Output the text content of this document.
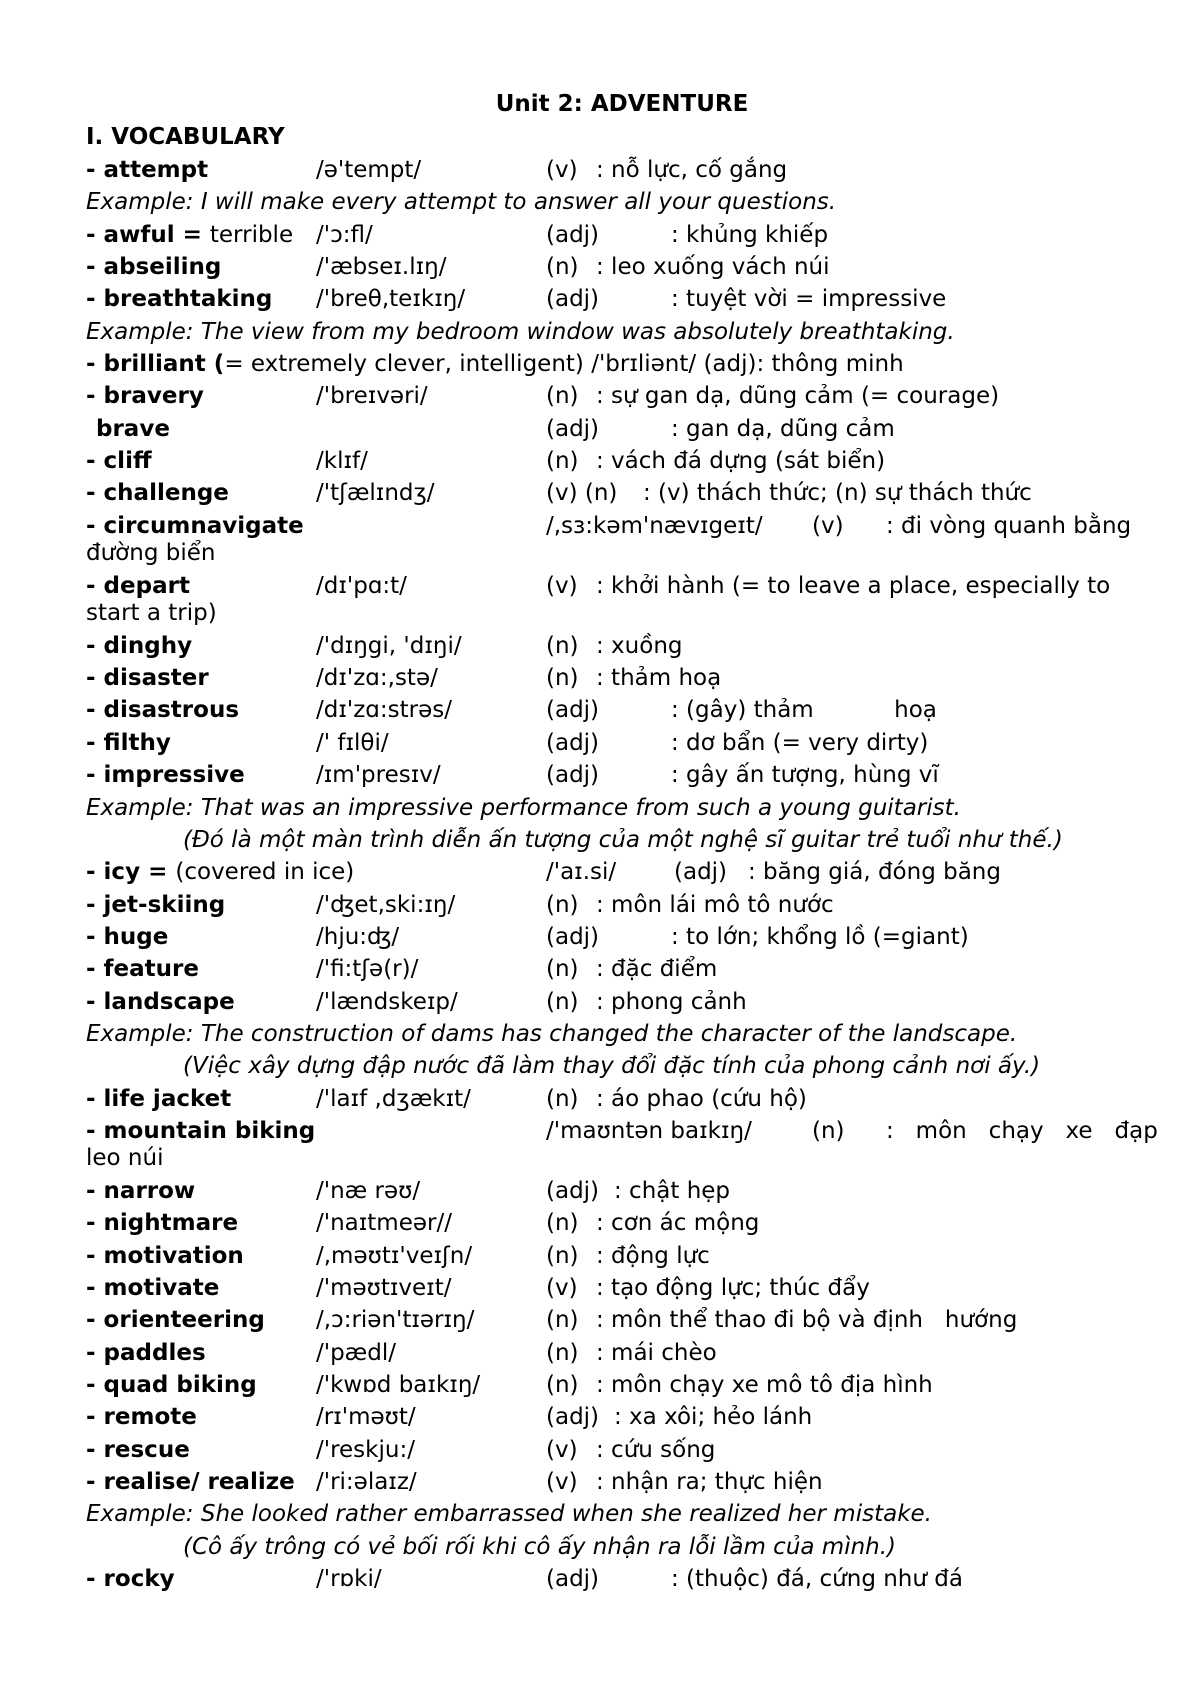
Unit 2: ADVENTURE
I. VOCABULARY
- attempt	/ə'tempt/	(v) : nỗ lực, cố gắng
Example: I will make every attempt to answer all your questions.
- awful = terrible /'ɔ:fl/	(adj)	: khủng khiếp
- abseiling	/'æbseɪ.lɪŋ/	(n) : leo xuống vách núi
- breathtaking /'breθ,teɪkɪŋ/	(adj)	: tuyệt vời = impressive
Example: The view from my bedroom window was absolutely breathtaking.
- brilliant (= extremely clever, intelligent) /'brɪliənt/ (adj): thông minh
- bravery	/'breɪvəri/	(n) : sự gan dạ, dũng cảm (= courage)
brave	(adj)	: gan dạ, dũng cảm
- cliff	/klɪf/	(n) : vách đá dựng (sát biển)
- challenge	/'tʃælɪndʒ/	(v) (n) : (v) thách thức; (n) sự thách thức
- circumnavigate	/,sɜ:kəm'nævɪgeɪt/ (v) : đi vòng quanh bằng
đường biển
- depart	/dɪ'pɑ:t/	(v) : khởi hành (= to leave a place, especially to
start a trip)
- dinghy	/'dɪŋgi, 'dɪŋi/	(n) : xuồng
- disaster	/dɪ'zɑ:,stə/	(n) : thảm hoạ
- disastrous	/dɪ'zɑ:strəs/	(adj)	: (gây) thảm           hoạ
- filthy	/' fɪlθi/	(adj)	: dơ bẩn (= very dirty)
- impressive	/ɪm'presɪv/	(adj)	: gây ấn tượng, hùng vĩ
Example: That was an impressive performance from such a young guitarist.
(Đó là một màn trình diễn ấn tượng của một nghệ sĩ guitar trẻ tuổi như thế.)
- icy = (covered in ice)	/'aɪ.si/	(adj) : băng giá, đóng băng
- jet-skiing	/'ʤet,ski:ɪŋ/	(n) : môn lái mô tô nước
- huge	/hju:ʤ/	(adj)	: to lớn; khổng lồ (=giant)
- feature	/'fi:tʃə(r)/	(n) : đặc điểm
- landscape	/'lændskeɪp/	(n) : phong cảnh
Example: The construction of dams has changed the character of the landscape.
(Việc xây dựng đập nước đã làm thay đổi đặc tính của phong cảnh nơi ấy.)
- life jacket	/'laɪf ,dʒækɪt/	(n) : áo phao (cứu hộ)
- mountain biking	/'maʊntən baɪkɪŋ/	(n) :   môn   chạy   xe   đạp
leo núi
- narrow	/'næ rəʊ/	(adj) : chật hẹp
- nightmare	/'naɪtmeər//	(n) : cơn ác mộng
- motivation	/,məʊtɪ'veɪʃn/	(n) : động lực
- motivate	/'məʊtɪveɪt/	(v) : tạo động lực; thúc đẩy
- orienteering /,ɔ:riən'tɪərɪŋ/	(n) : môn thể thao đi bộ và định   hướng
- paddles	/'pædl/	(n) : mái chèo
- quad biking	/'kwɒd baɪkɪŋ/	(n) : môn chạy xe mô tô địa hình
- remote	/rɪ'məʊt/	(adj) : xa xôi; hẻo lánh
- rescue	/'reskju:/	(v) : cứu sống
- realise/ realize /'ri:əlaɪz/	(v) : nhận ra; thực hiện
Example: She looked rather embarrassed when she realized her mistake.
(Cô ấy trông có vẻ bối rối khi cô ấy nhận ra lỗi lầm của mình.)
- rocky	/'rɒki/	(adj)	: (thuộc) đá, cứng như đá
